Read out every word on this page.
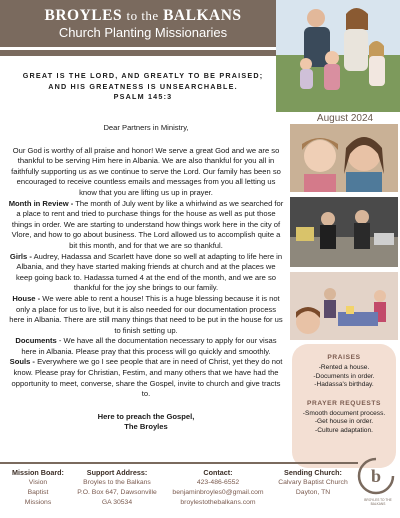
BROYLES to the BALKANS
Church Planting Missionaries
GREAT IS THE LORD, AND GREATLY TO BE PRAISED;
AND HIS GREATNESS IS UNSEARCHABLE.
PSALM 145:3

Dear Partners in Ministry,

Our God is worthy of all praise and honor! We serve a great God and we are so thankful to be serving Him here in Albania. We are also thankful for you all in faithfully supporting us as we continue to serve the Lord. Our family has been so encouraged to receive countless emails and messages from you all letting us know that you are lifting us up in prayer.

Month in Review - The month of July went by like a whirlwind as we searched for a place to rent and tried to purchase things for the house as well as put those things in order. We are starting to understand how things work here in the city of Vlore, and how to go about business. The Lord allowed us to accomplish quite a bit this month, and for that we are so thankful.

Girls - Audrey, Hadassa and Scarlett have done so well at adapting to life here in Albania, and they have started making friends at church and at the places we keep going back to. Hadassa turned 4 at the end of the month, and we are so thankful for the joy she brings to our family.

House - We were able to rent a house! This is a huge blessing because it is not only a place for us to live, but it is also needed for our documentation process here in Albania. There are still many things that need to be put in the house for us to finish setting up.

Documents - We have all the documentation necessary to apply for our visas here in Albania. Please pray that this process will go quickly and smoothly.

Souls - Everywhere we go I see people that are in need of Christ, yet they do not know. Please pray for Christian, Festim, and many others that we have had the opportunity to meet, converse, share the Gospel, invite to church and give tracts to.

Here to preach the Gospel,

The Broyles

August 2024
PRAISES
-Rented a house.
-Documents in order.
-Hadassa's birthday.
PRAYER REQUESTS
-Smooth document process.
-Get house in order.
-Culture adaptation.
Mission Board:
Vision
Baptist
Missions
Support Address:
Broyles to the Balkans
P.O. Box 647, Dawsonville
GA 30534
Contact:
423-486-6552
benjaminbroyles0@gmail.com
broylestothebalkans.com
Sending Church:
Calvary Baptist Church
Dayton, TN
b
BROYLES TO THE BALKANS
